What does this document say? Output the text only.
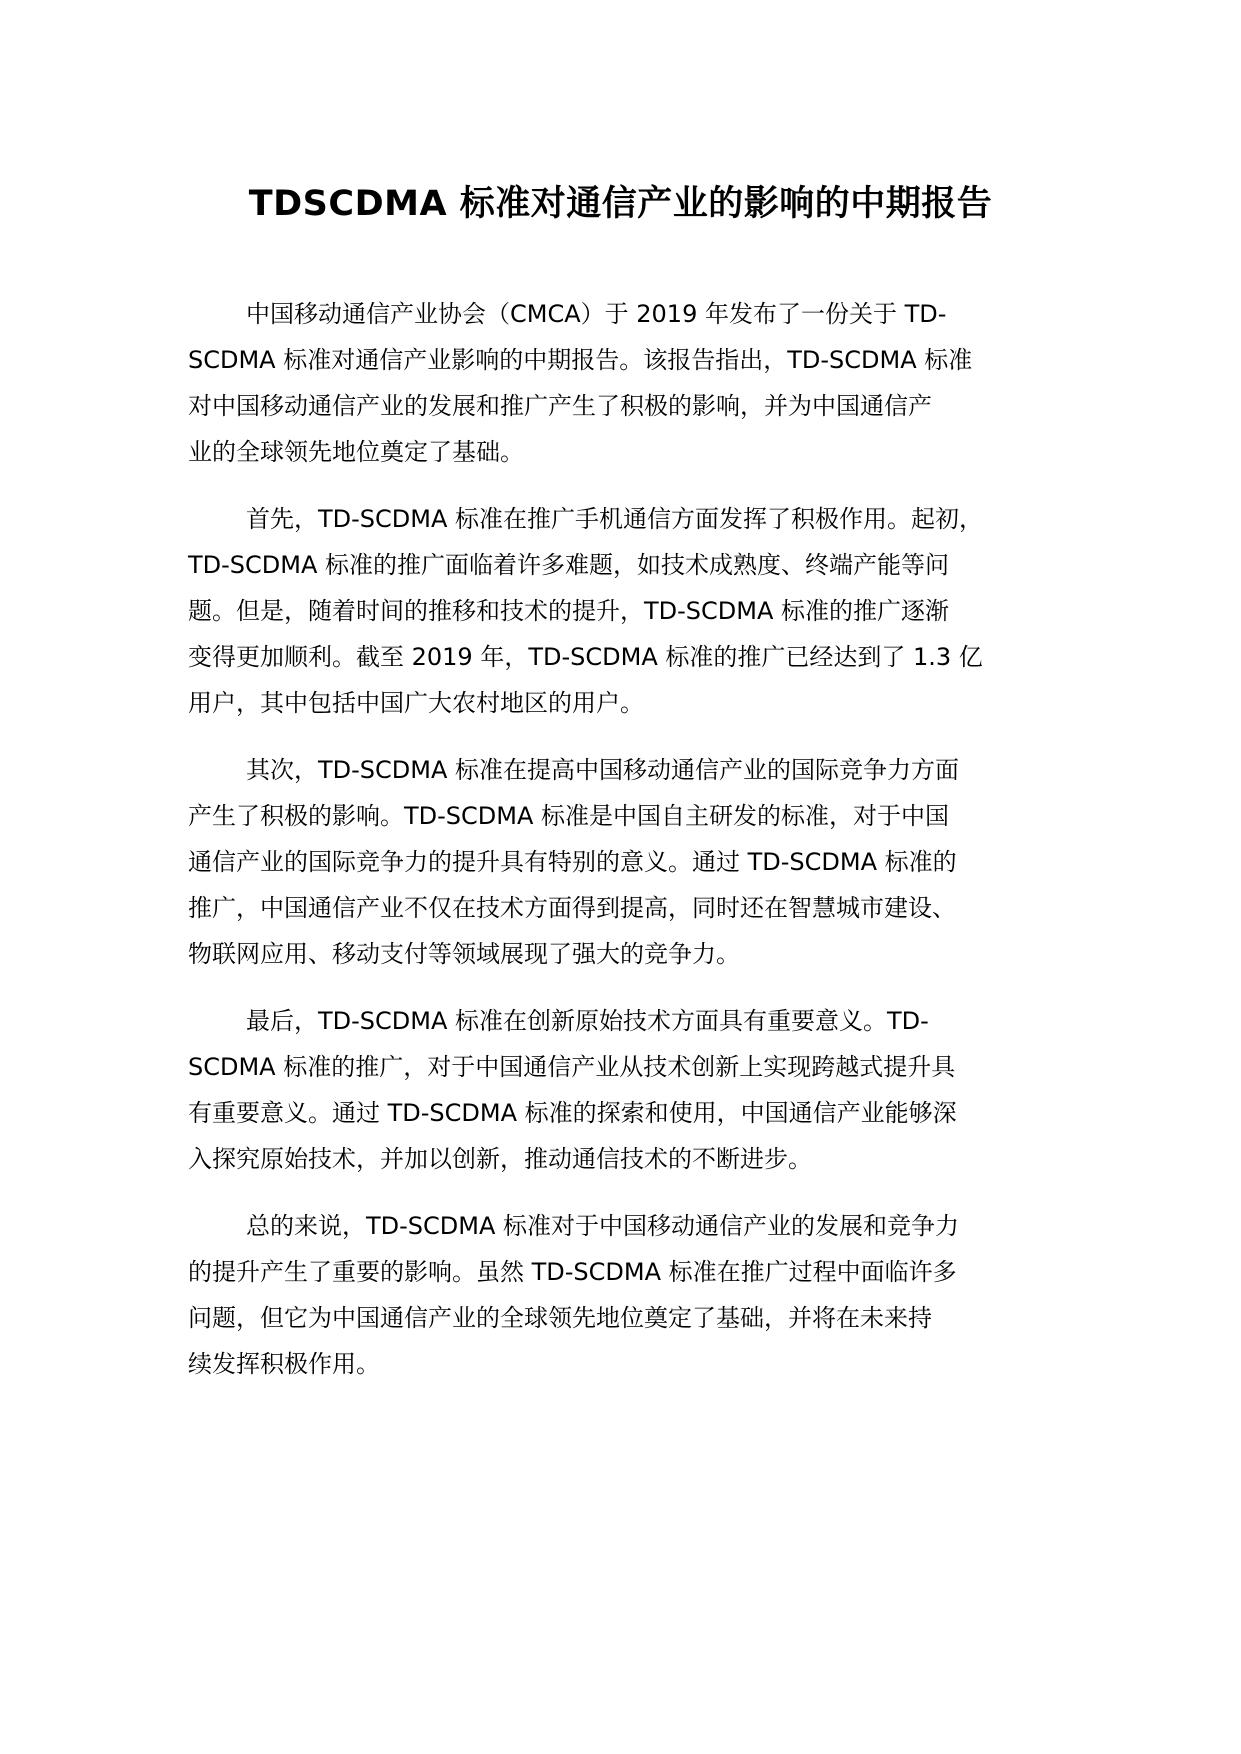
TDSCDMA 标准对通信产业的影响的中期报告

中国移动通信产业协会（CMCA）于 2019 年发布了一份关于 TD-
SCDMA 标准对通信产业影响的中期报告。该报告指出，TD-SCDMA 标准
对中国移动通信产业的发展和推广产生了积极的影响，并为中国通信产
业的全球领先地位奠定了基础。

首先，TD-SCDMA 标准在推广手机通信方面发挥了积极作用。起初，
TD-SCDMA 标准的推广面临着许多难题，如技术成熟度、终端产能等问
题。但是，随着时间的推移和技术的提升，TD-SCDMA 标准的推广逐渐
变得更加顺利。截至 2019 年，TD-SCDMA 标准的推广已经达到了 1.3 亿
用户，其中包括中国广大农村地区的用户。

其次，TD-SCDMA 标准在提高中国移动通信产业的国际竞争力方面
产生了积极的影响。TD-SCDMA 标准是中国自主研发的标准，对于中国
通信产业的国际竞争力的提升具有特别的意义。通过 TD-SCDMA 标准的
推广，中国通信产业不仅在技术方面得到提高，同时还在智慧城市建设、
物联网应用、移动支付等领域展现了强大的竞争力。

最后，TD-SCDMA 标准在创新原始技术方面具有重要意义。TD-
SCDMA 标准的推广，对于中国通信产业从技术创新上实现跨越式提升具
有重要意义。通过 TD-SCDMA 标准的探索和使用，中国通信产业能够深
入探究原始技术，并加以创新，推动通信技术的不断进步。

总的来说，TD-SCDMA 标准对于中国移动通信产业的发展和竞争力
的提升产生了重要的影响。虽然 TD-SCDMA 标准在推广过程中面临许多
问题，但它为中国通信产业的全球领先地位奠定了基础，并将在未来持
续发挥积极作用。
